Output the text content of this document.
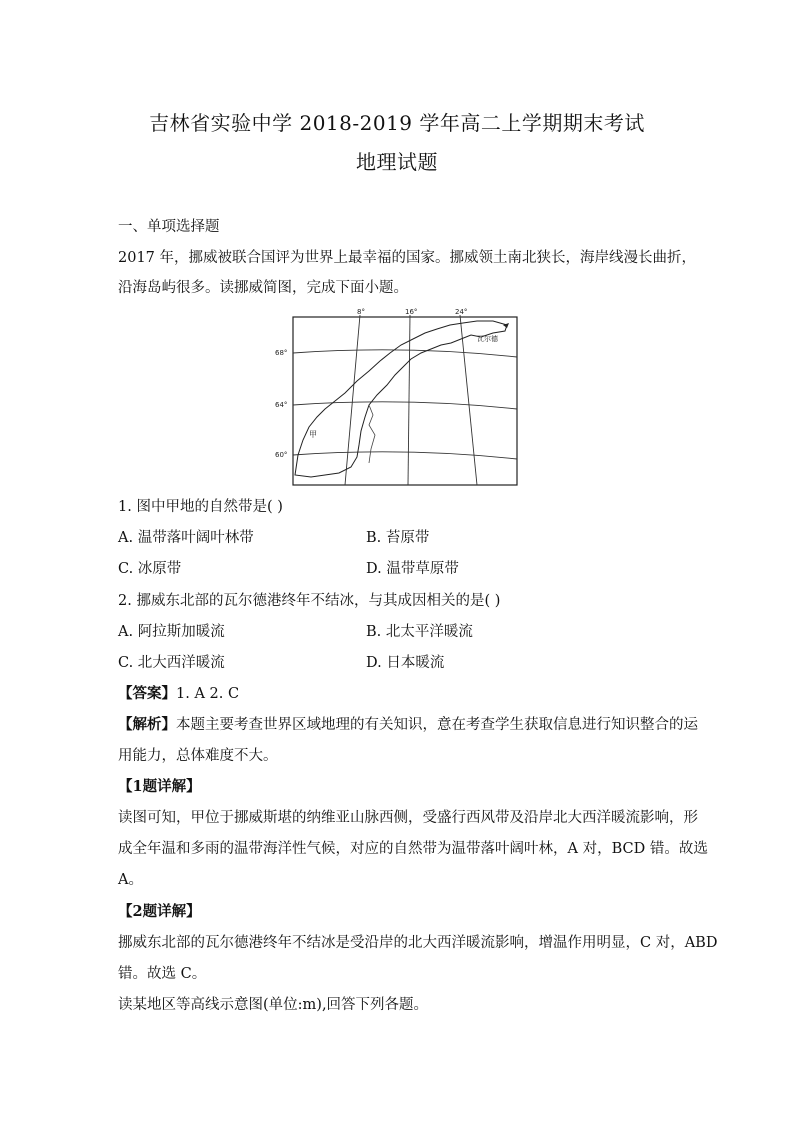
吉林省实验中学 2018-2019 学年高二上学期期末考试
地理试题
一、单项选择题
2017 年，挪威被联合国评为世界上最幸福的国家。挪威领土南北狭长，海岸线漫长曲折，
沿海岛屿很多。读挪威简图，完成下面小题。
8°	16°	24°
68°
64°
60°
瓦尔德
甲
1. 图中甲地的自然带是( )
A. 温带落叶阔叶林带	B. 苔原带
C. 冰原带	D. 温带草原带
2. 挪威东北部的瓦尔德港终年不结冰，与其成因相关的是( )
A. 阿拉斯加暖流	B. 北太平洋暖流
C. 北大西洋暖流	D. 日本暖流
【答案】1. A 2. C
【解析】本题主要考查世界区域地理的有关知识，意在考查学生获取信息进行知识整合的运
用能力，总体难度不大。
【1题详解】
读图可知，甲位于挪威斯堪的纳维亚山脉西侧，受盛行西风带及沿岸北大西洋暖流影响，形
成全年温和多雨的温带海洋性气候，对应的自然带为温带落叶阔叶林，A 对，BCD 错。故选
A。
【2题详解】
挪威东北部的瓦尔德港终年不结冰是受沿岸的北大西洋暖流影响，增温作用明显，C 对，ABD
错。故选 C。
读某地区等高线示意图(单位:m),回答下列各题。
